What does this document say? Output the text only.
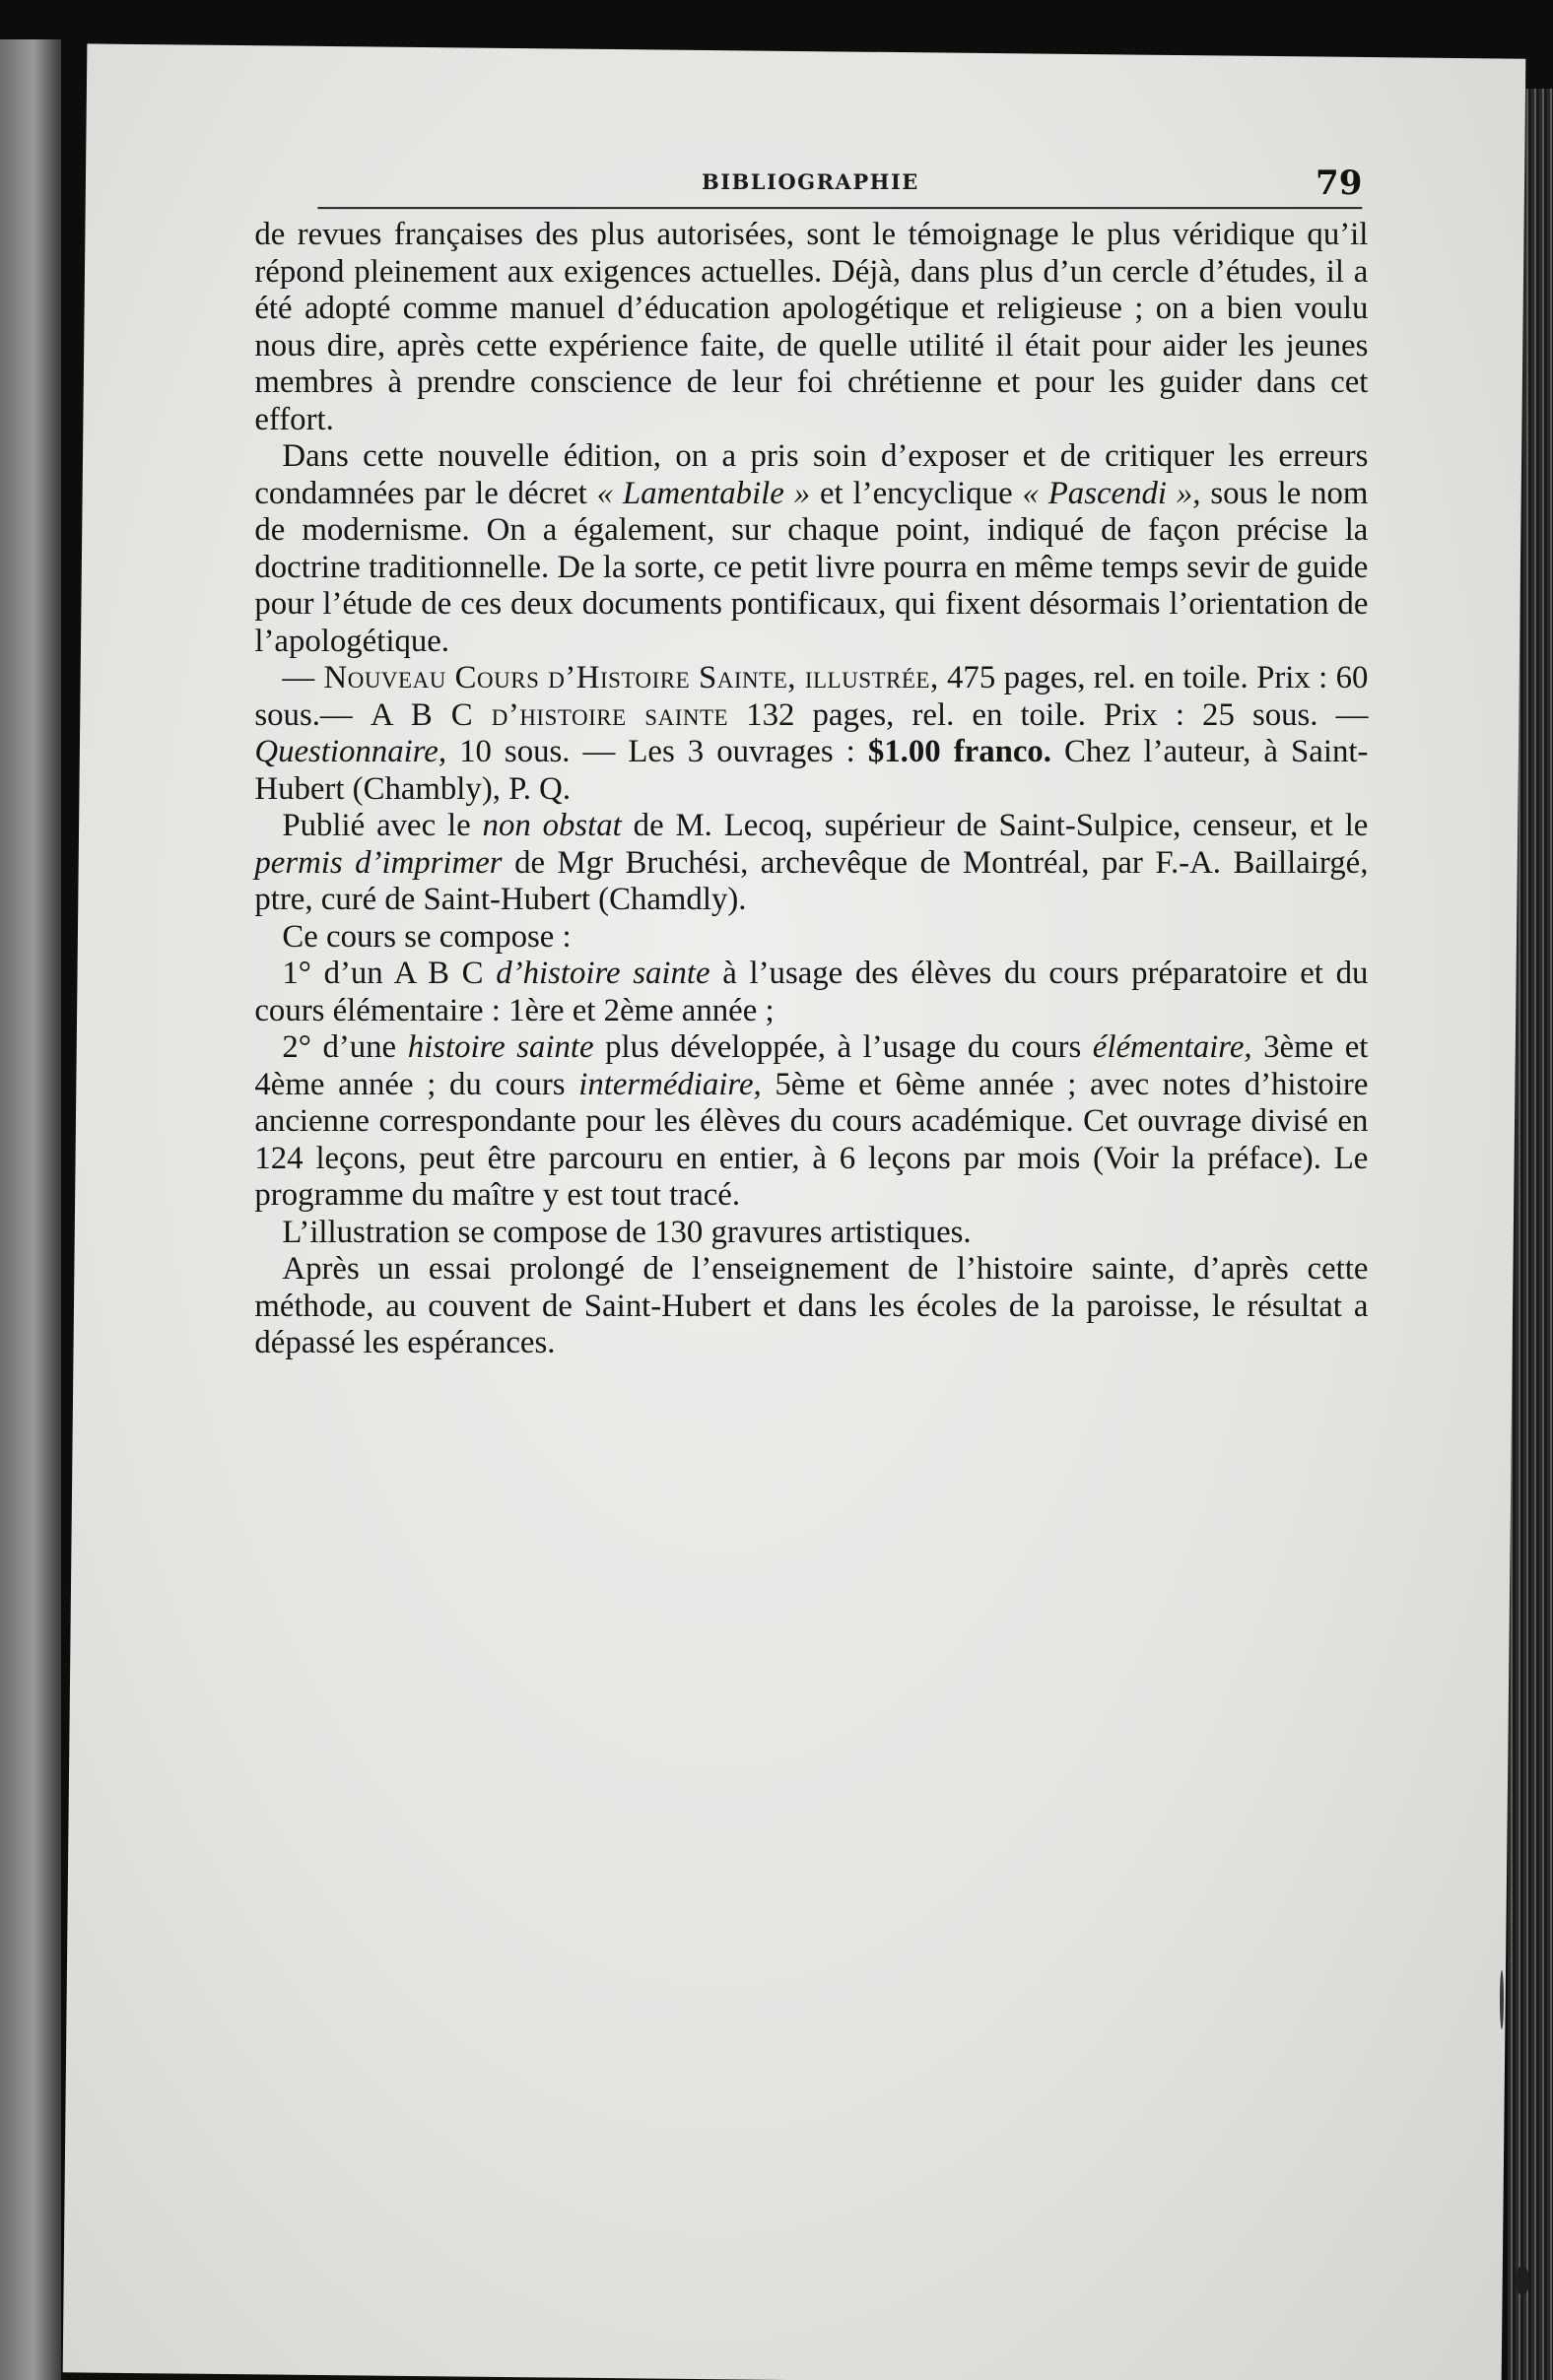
BIBLIOGRAPHIE	79

de revues françaises des plus autorisées, sont le témoignage le plus véridique qu’il répond pleinement aux exigences actuelles. Déjà, dans plus d’un cercle d’études, il a été adopté comme manuel d’éducation apologétique et religieuse ; on a bien voulu nous dire, après cette expérience faite, de quelle utilité il était pour aider les jeunes membres à prendre conscience de leur foi chrétienne et pour les guider dans cet effort.

Dans cette nouvelle édition, on a pris soin d’exposer et de critiquer les erreurs condamnées par le décret « Lamentabile » et l’encyclique « Pascendi », sous le nom de modernisme. On a également, sur chaque point, indiqué de façon précise la doctrine traditionnelle. De la sorte, ce petit livre pourra en même temps sevir de guide pour l’étude de ces deux documents pontificaux, qui fixent désormais l’orientation de l’apologétique.

— Nouveau Cours d’Histoire Sainte, illustrée, 475 pages, rel. en toile. Prix : 60 sous.— A B C d’histoire sainte 132 pages, rel. en toile. Prix : 25 sous. — Questionnaire, 10 sous. — Les 3 ouvrages : $1.00 franco. Chez l’auteur, à Saint-Hubert (Chambly), P. Q.

Publié avec le non obstat de M. Lecoq, supérieur de Saint-Sulpice, censeur, et le permis d’imprimer de Mgr Bruchési, archevêque de Montréal, par F.-A. Baillairgé, ptre, curé de Saint-Hubert (Chamdly).

Ce cours se compose :

1° d’un A B C d’histoire sainte à l’usage des élèves du cours préparatoire et du cours élémentaire : 1ère et 2ème année ;

2° d’une histoire sainte plus développée, à l’usage du cours élémentaire, 3ème et 4ème année ; du cours intermédiaire, 5ème et 6ème année ; avec notes d’histoire ancienne correspondante pour les élèves du cours académique. Cet ouvrage divisé en 124 leçons, peut être parcouru en entier, à 6 leçons par mois (Voir la préface). Le programme du maître y est tout tracé.

L’illustration se compose de 130 gravures artistiques.

Après un essai prolongé de l’enseignement de l’histoire sainte, d’après cette méthode, au couvent de Saint-Hubert et dans les écoles de la paroisse, le résultat a dépassé les espérances.
